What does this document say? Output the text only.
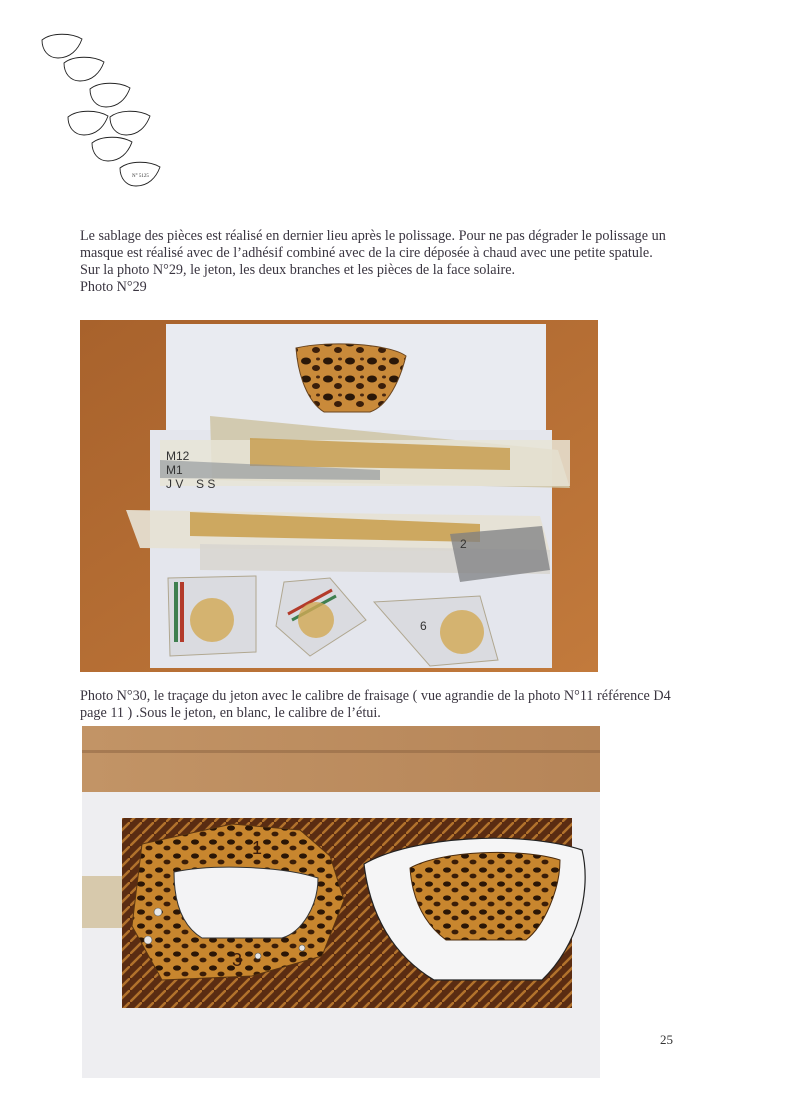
N° 5125

Le sablage des pièces est réalisé en dernier lieu après le polissage. Pour ne pas dégrader le polissage un masque est réalisé avec de l’adhésif combiné avec de la cire déposée à chaud avec une petite spatule.

Sur la photo N°29, le jeton, les deux branches et les pièces de la face solaire.

Photo N°29

M12
M1
J V S S
2
6

Photo N°30, le traçage du jeton avec le calibre de fraisage ( vue agrandie de la photo N°11 référence D4 page 11 ) .Sous le jeton, en blanc, le calibre de l’étui.

1
3
25
